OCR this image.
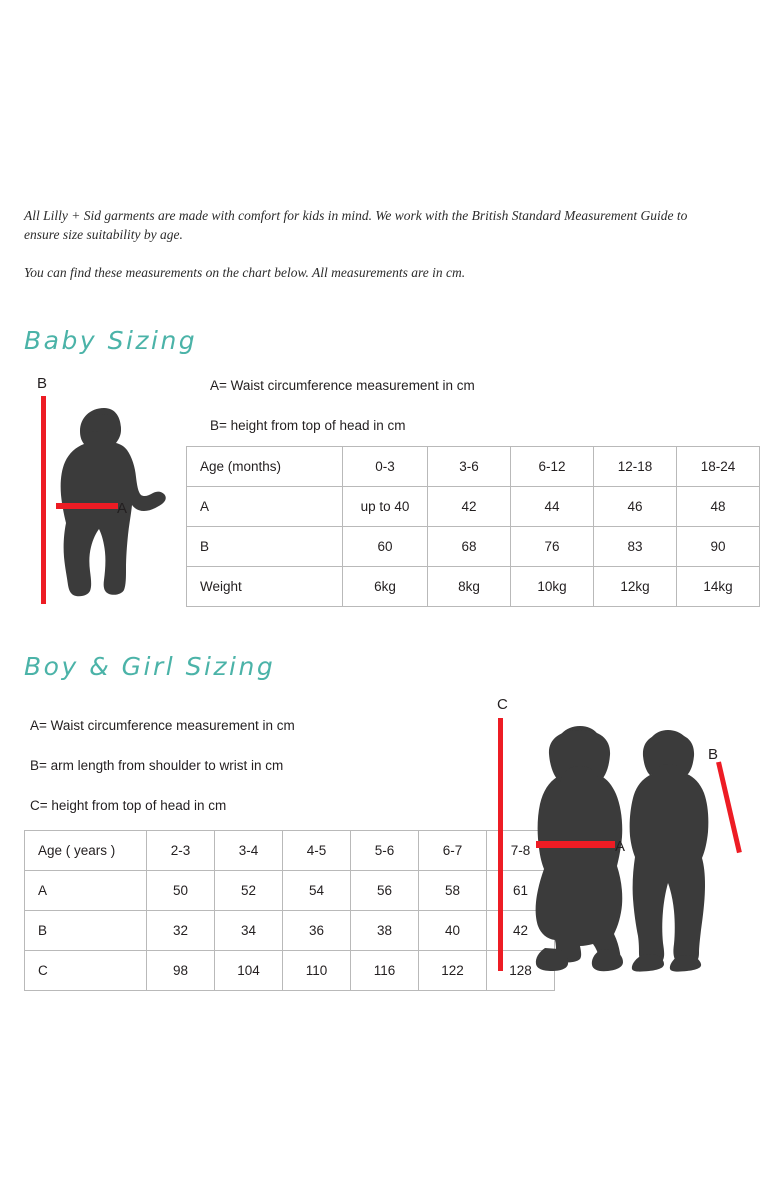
All Lilly + Sid garments are made with comfort for kids in mind. We work with the British Standard Measurement Guide to ensure size suitability by age.

You can find these measurements on the chart below. All measurements are in cm.

Baby Sizing
A= Waist circumference measurement in cm
B= height from top of head in cm
B
A
Age (months)	0-3	3-6	6-12	12-18	18-24
A	up to 40	42	44	46	48
B	60	68	76	83	90
Weight	6kg	8kg	10kg	12kg	14kg
Boy & Girl Sizing
A= Waist circumference measurement in cm
B= arm length from shoulder to wrist in cm
C= height from top of head in cm
Age ( years )	2-3	3-4	4-5	5-6	6-7	7-8
A	50	52	54	56	58	61
B	32	34	36	38	40	42
C	98	104	110	116	122	128
C
A
B
